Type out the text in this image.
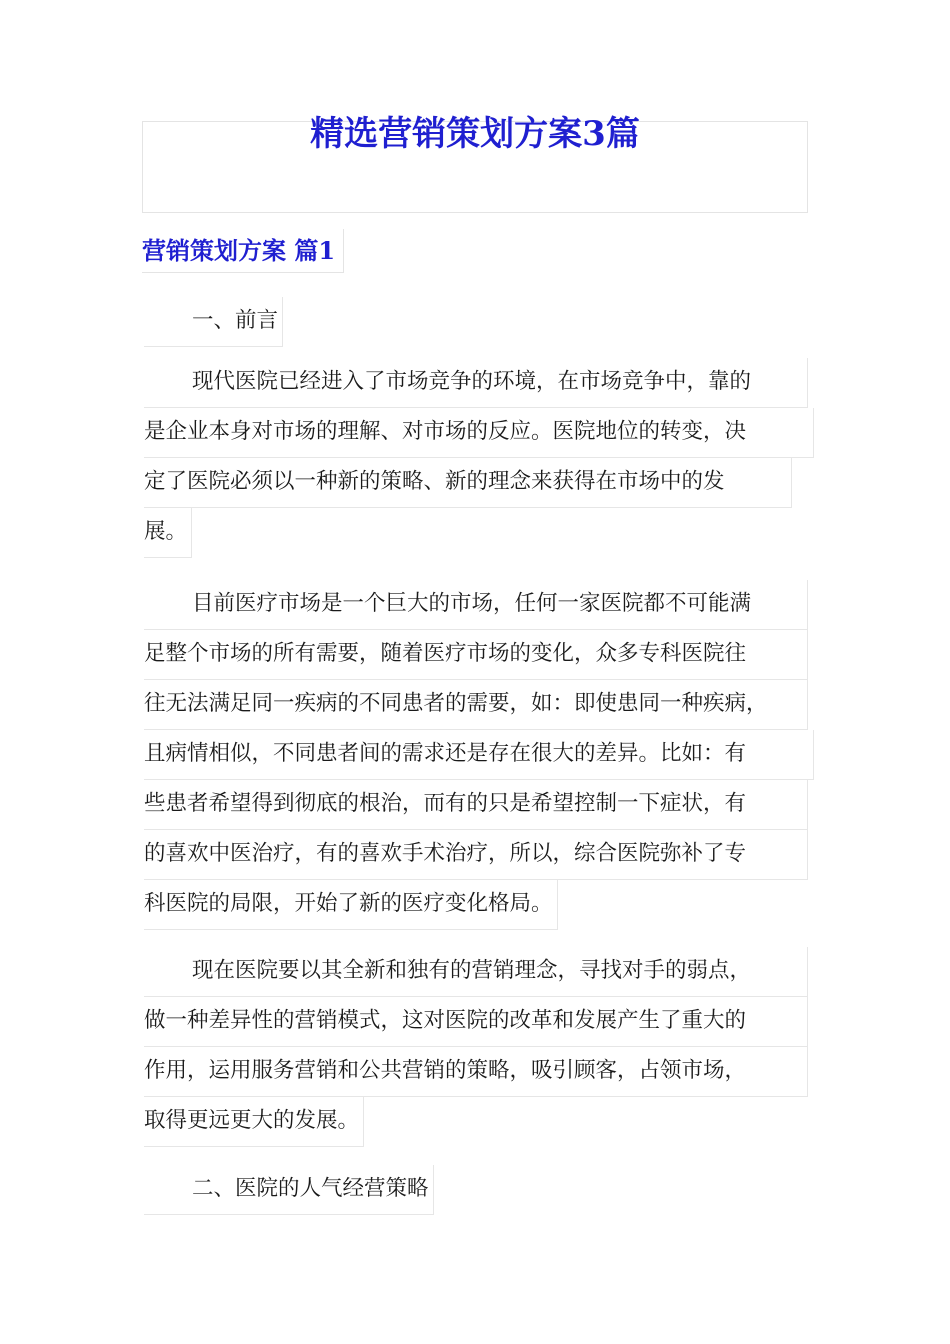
精选营销策划方案3篇
营销策划方案 篇1
一、前言
现代医院已经进入了市场竞争的环境，在市场竞争中，靠的
是企业本身对市场的理解、对市场的反应。医院地位的转变，决
定了医院必须以一种新的策略、新的理念来获得在市场中的发
展。
目前医疗市场是一个巨大的市场，任何一家医院都不可能满
足整个市场的所有需要，随着医疗市场的变化，众多专科医院往
往无法满足同一疾病的不同患者的需要，如：即使患同一种疾病，
且病情相似，不同患者间的需求还是存在很大的差异。比如：有
些患者希望得到彻底的根治，而有的只是希望控制一下症状，有
的喜欢中医治疗，有的喜欢手术治疗，所以，综合医院弥补了专
科医院的局限，开始了新的医疗变化格局。
现在医院要以其全新和独有的营销理念，寻找对手的弱点，
做一种差异性的营销模式，这对医院的改革和发展产生了重大的
作用，运用服务营销和公共营销的策略，吸引顾客，占领市场，
取得更远更大的发展。
二、医院的人气经营策略
